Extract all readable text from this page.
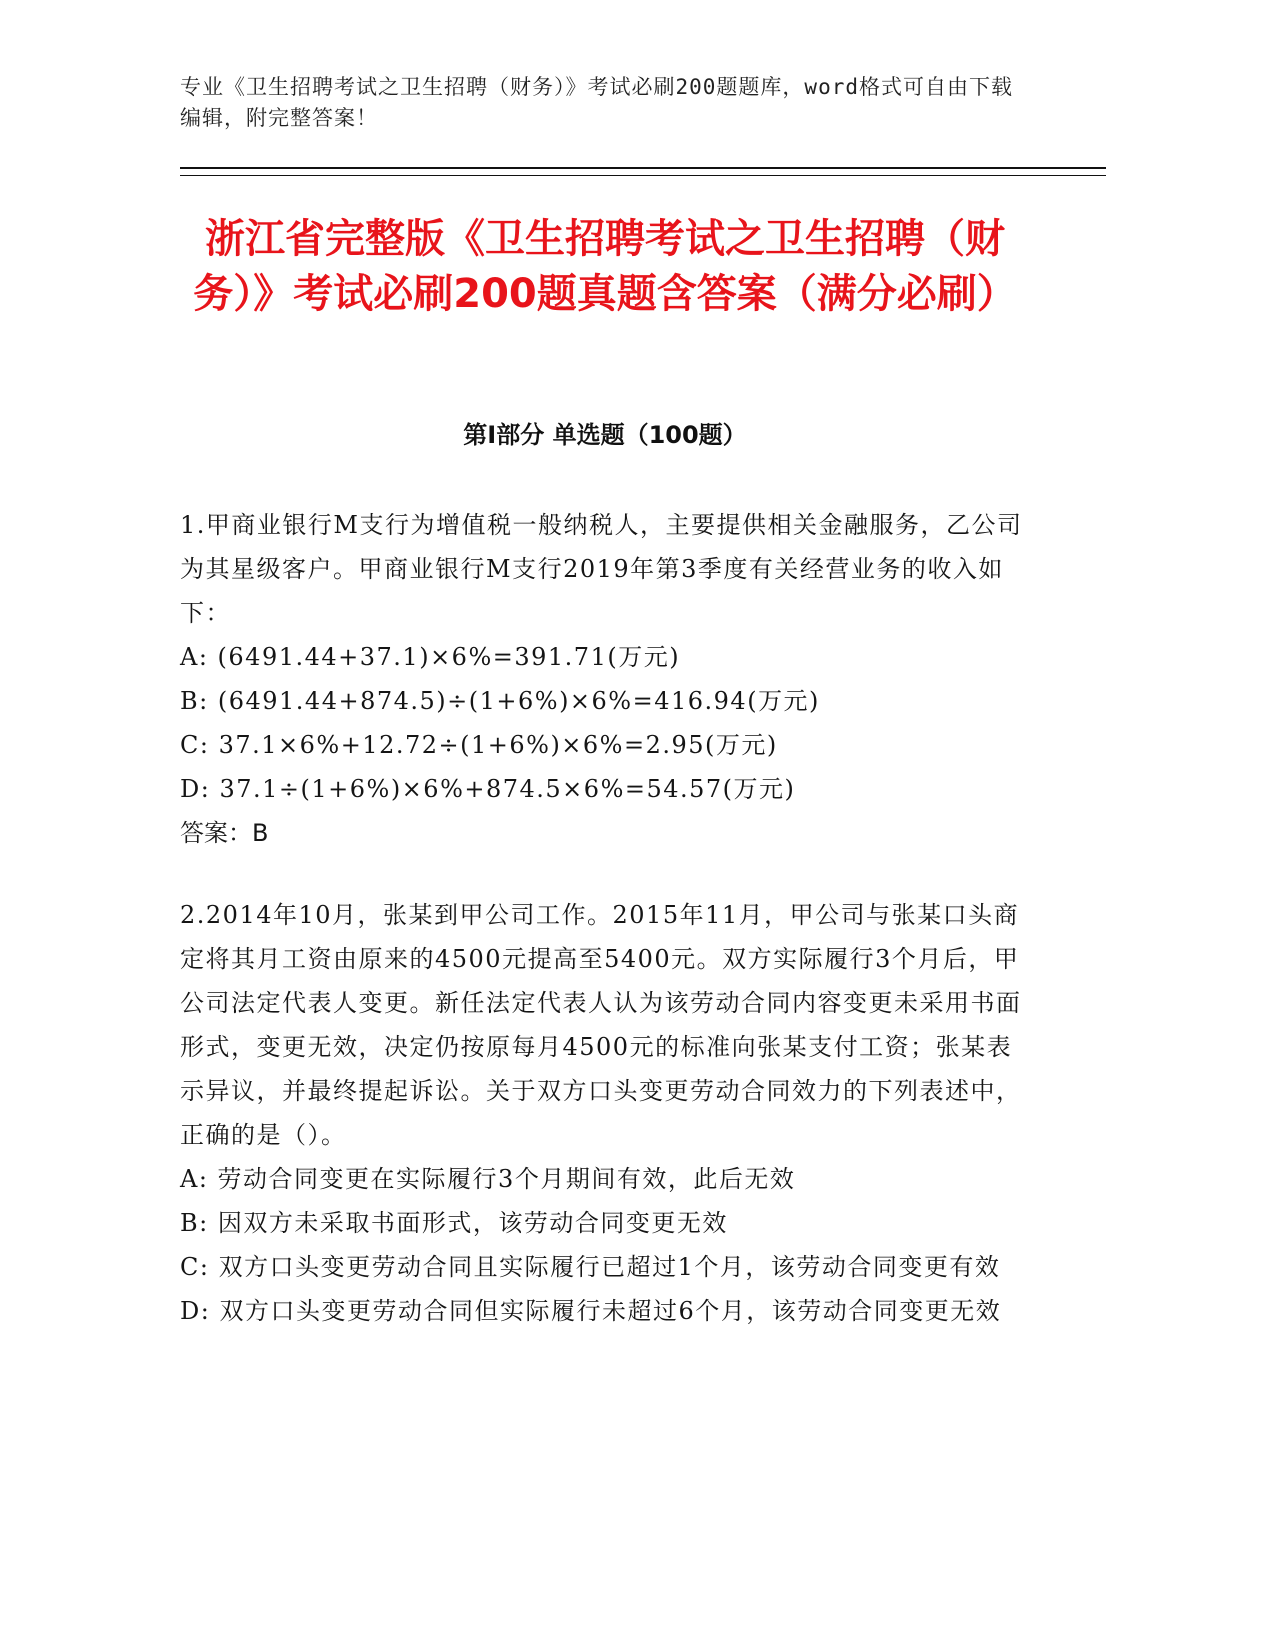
专业《卫生招聘考试之卫生招聘（财务）》考试必刷200题题库，word格式可自由下载编辑，附完整答案！

浙江省完整版《卫生招聘考试之卫生招聘（财务）》考试必刷200题真题含答案（满分必刷）
第Ⅰ部分 单选题（100题）

1.甲商业银行M支行为增值税一般纳税人，主要提供相关金融服务，乙公司为其星级客户。甲商业银行M支行2019年第3季度有关经营业务的收入如下：

A: (6491.44+37.1)×6%=391.71(万元)

B: (6491.44+874.5)÷(1+6%)×6%=416.94(万元)

C: 37.1×6%+12.72÷(1+6%)×6%=2.95(万元)

D: 37.1÷(1+6%)×6%+874.5×6%=54.57(万元)

答案：B

2.2014年10月，张某到甲公司工作。2015年11月，甲公司与张某口头商定将其月工资由原来的4500元提高至5400元。双方实际履行3个月后，甲公司法定代表人变更。新任法定代表人认为该劳动合同内容变更未采用书面形式，变更无效，决定仍按原每月4500元的标准向张某支付工资；张某表示异议，并最终提起诉讼。关于双方口头变更劳动合同效力的下列表述中，正确的是（）。

A: 劳动合同变更在实际履行3个月期间有效，此后无效

B: 因双方未采取书面形式，该劳动合同变更无效

C: 双方口头变更劳动合同且实际履行已超过1个月，该劳动合同变更有效

D: 双方口头变更劳动合同但实际履行未超过6个月，该劳动合同变更无效
